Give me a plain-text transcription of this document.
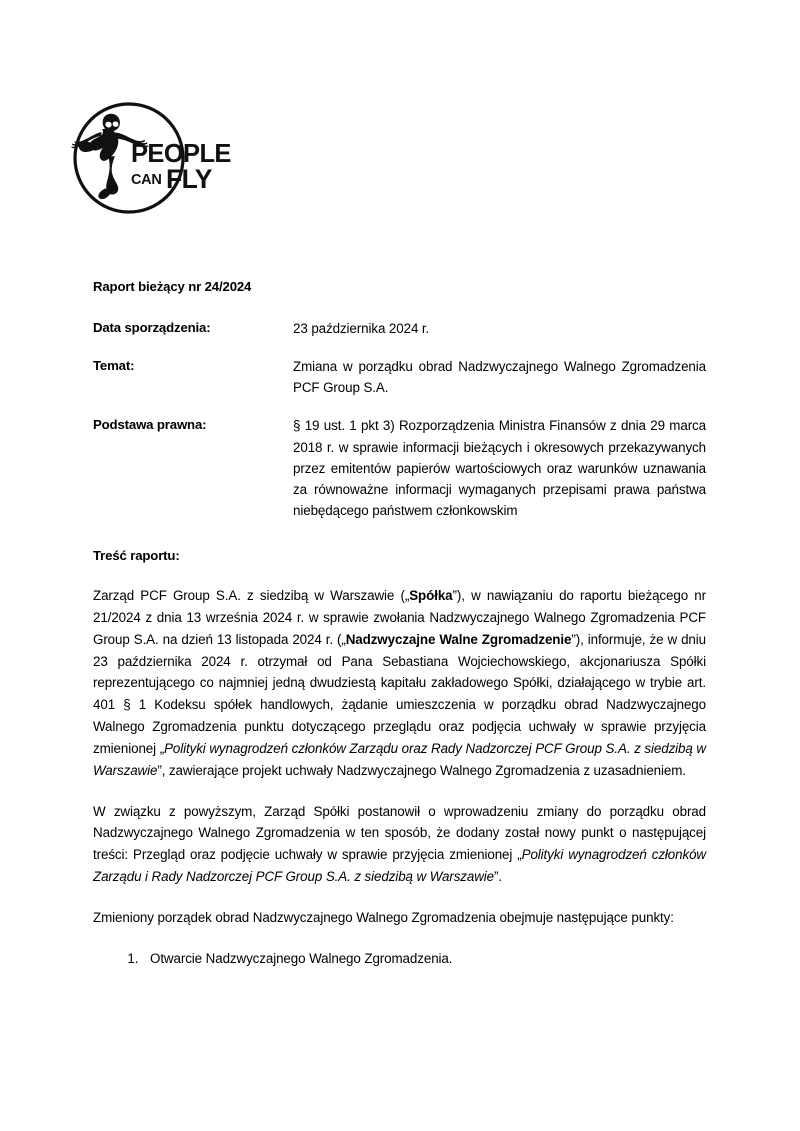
PEOPLE
CAN FLY
Raport bieżący nr 24/2024
Data sporządzenia:	23 października 2024 r.
Temat:	Zmiana w porządku obrad Nadzwyczajnego Walnego Zgromadzenia PCF Group S.A.
Podstawa prawna:	§ 19 ust. 1 pkt 3) Rozporządzenia Ministra Finansów z dnia 29 marca 2018 r. w sprawie informacji bieżących i okresowych przekazywanych przez emitentów papierów wartościowych oraz warunków uznawania za równoważne informacji wymaganych przepisami prawa państwa niebędącego państwem członkowskim
Treść raportu:

Zarząd PCF Group S.A. z siedzibą w Warszawie („Spółka”), w nawiązaniu do raportu bieżącego nr 21/2024 z dnia 13 września 2024 r. w sprawie zwołania Nadzwyczajnego Walnego Zgromadzenia PCF Group S.A. na dzień 13 listopada 2024 r. („Nadzwyczajne Walne Zgromadzenie”), informuje, że w dniu 23 października 2024 r. otrzymał od Pana Sebastiana Wojciechowskiego, akcjonariusza Spółki reprezentującego co najmniej jedną dwudziestą kapitału zakładowego Spółki, działającego w trybie art. 401 § 1 Kodeksu spółek handlowych, żądanie umieszczenia w porządku obrad Nadzwyczajnego Walnego Zgromadzenia punktu dotyczącego przeglądu oraz podjęcia uchwały w sprawie przyjęcia zmienionej „Polityki wynagrodzeń członków Zarządu oraz Rady Nadzorczej PCF Group S.A. z siedzibą w Warszawie”, zawierające projekt uchwały Nadzwyczajnego Walnego Zgromadzenia z uzasadnieniem.

W związku z powyższym, Zarząd Spółki postanowił o wprowadzeniu zmiany do porządku obrad Nadzwyczajnego Walnego Zgromadzenia w ten sposób, że dodany został nowy punkt o następującej treści: Przegląd oraz podjęcie uchwały w sprawie przyjęcia zmienionej „Polityki wynagrodzeń członków Zarządu i Rady Nadzorczej PCF Group S.A. z siedzibą w Warszawie”.

Zmieniony porządek obrad Nadzwyczajnego Walnego Zgromadzenia obejmuje następujące punkty:

1. Otwarcie Nadzwyczajnego Walnego Zgromadzenia.
